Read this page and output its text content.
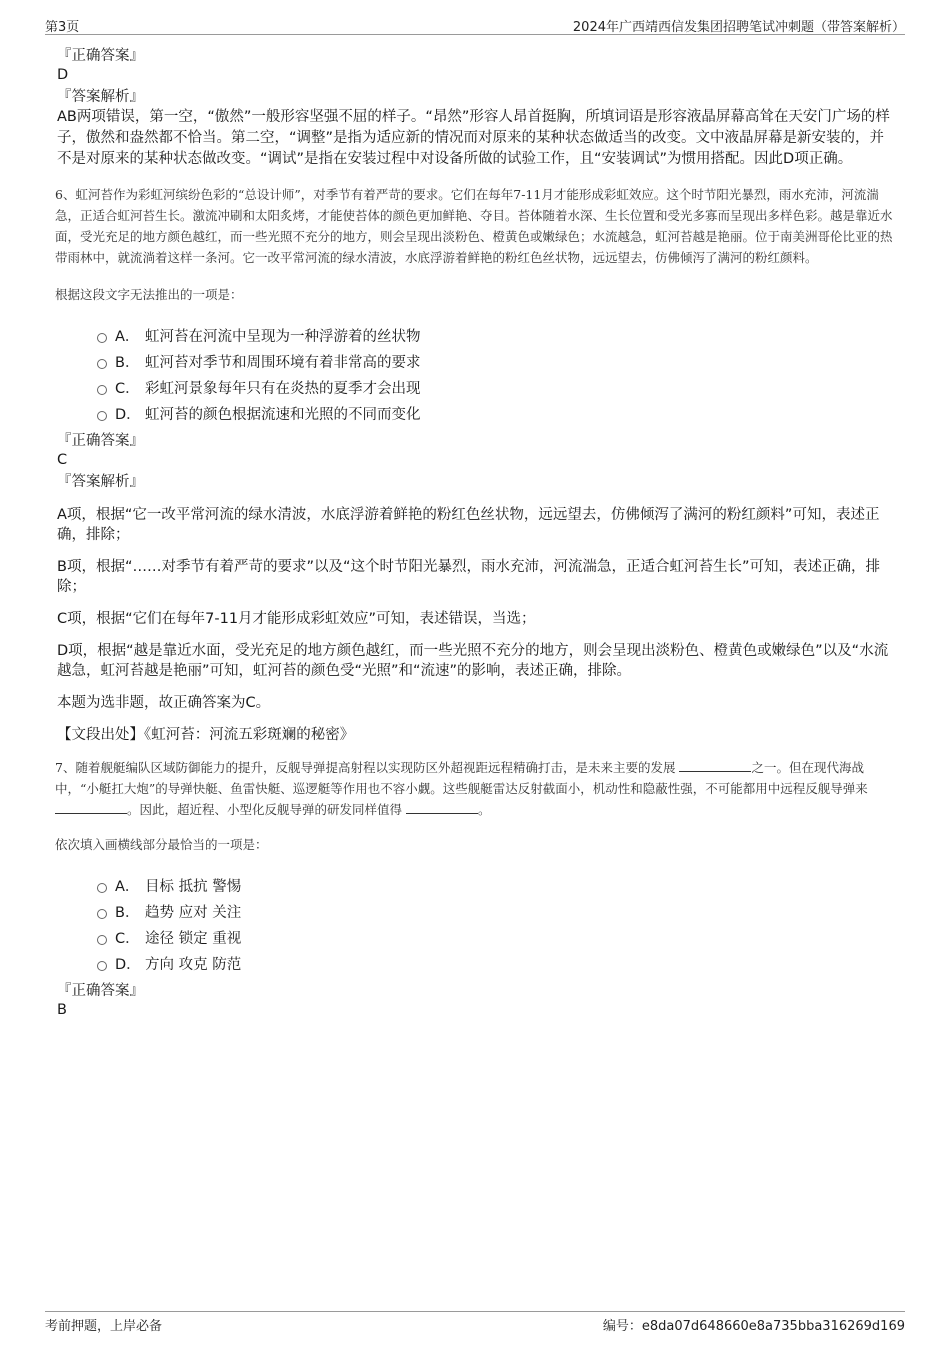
第3页	2024年广西靖西信发集团招聘笔试冲刺题（带答案解析）
『正确答案』
D
『答案解析』
AB两项错误，第一空，“傲然”一般形容坚强不屈的样子。“昂然”形容人昂首挺胸，所填词语是形容液晶屏幕高耸在天安门广场的样子，傲然和盎然都不恰当。第二空，“调整”是指为适应新的情况而对原来的某种状态做适当的改变。文中液晶屏幕是新安装的，并不是对原来的某种状态做改变。“调试”是指在安装过程中对设备所做的试验工作，且“安装调试”为惯用搭配。因此D项正确。

6、虹河苔作为彩虹河缤纷色彩的“总设计师”，对季节有着严苛的要求。它们在每年7-11月才能形成彩虹效应。这个时节阳光暴烈，雨水充沛，河流湍急，正适合虹河苔生长。激流冲刷和太阳炙烤，才能使苔体的颜色更加鲜艳、夺目。苔体随着水深、生长位置和受光多寡而呈现出多样色彩。越是靠近水面，受光充足的地方颜色越红，而一些光照不充分的地方，则会呈现出淡粉色、橙黄色或嫩绿色；水流越急，虹河苔越是艳丽。位于南美洲哥伦比亚的热带雨林中，就流淌着这样一条河。它一改平常河流的绿水清波，水底浮游着鲜艳的粉红色丝状物，远远望去，仿佛倾泻了满河的粉红颜料。

根据这段文字无法推出的一项是：
A． 虹河苔在河流中呈现为一种浮游着的丝状物
B． 虹河苔对季节和周围环境有着非常高的要求
C． 彩虹河景象每年只有在炎热的夏季才会出现
D． 虹河苔的颜色根据流速和光照的不同而变化
『正确答案』
C
『答案解析』
A项，根据“它一改平常河流的绿水清波，水底浮游着鲜艳的粉红色丝状物，远远望去，仿佛倾泻了满河的粉红颜料”可知，表述正确，排除；
B项，根据“……对季节有着严苛的要求”以及“这个时节阳光暴烈，雨水充沛，河流湍急，正适合虹河苔生长”可知，表述正确，排除；
C项，根据“它们在每年7-11月才能形成彩虹效应”可知，表述错误，当选；
D项，根据“越是靠近水面，受光充足的地方颜色越红，而一些光照不充分的地方，则会呈现出淡粉色、橙黄色或嫩绿色”以及“水流越急，虹河苔越是艳丽”可知，虹河苔的颜色受“光照”和“流速”的影响，表述正确，排除。
本题为选非题，故正确答案为C。
【文段出处】《虹河苔：河流五彩斑斓的秘密》

7、随着舰艇编队区域防御能力的提升，反舰导弹提高射程以实现防区外超视距远程精确打击，是未来主要的发展	之一。但在现代海战中，“小艇扛大炮”的导弹快艇、鱼雷快艇、巡逻艇等作用也不容小觑。这些舰艇雷达反射截面小，机动性和隐蔽性强，不可能都用中远程反舰导弹来 。因此，超近程、小型化反舰导弹的研发同样值得	。

依次填入画横线部分最恰当的一项是：
A． 目标 抵抗 警惕
B． 趋势 应对 关注
C． 途径 锁定 重视
D． 方向 攻克 防范
『正确答案』
B
考前押题，上岸必备	编号：e8da07d648660e8a735bba316269d169
